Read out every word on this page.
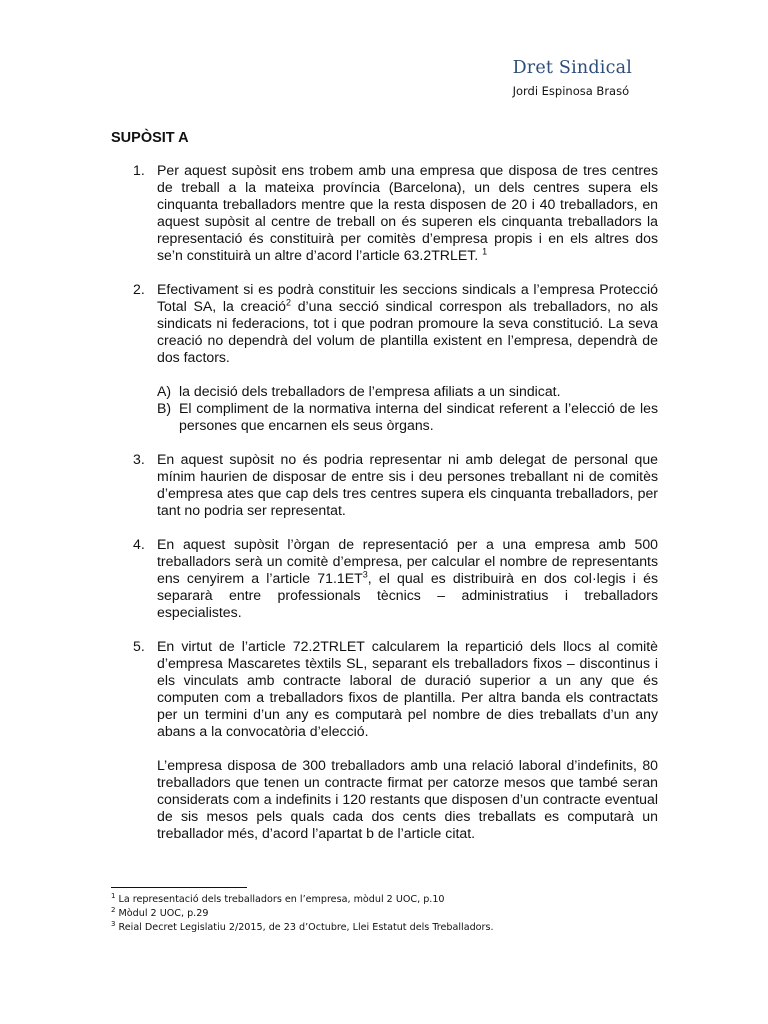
Dret Sindical
Jordi Espinosa Brasó
SUPÒSIT A
1. Per aquest supòsit ens trobem amb una empresa que disposa de tres centres de treball a la mateixa província (Barcelona), un dels centres supera els cinquanta treballadors mentre que la resta disposen de 20 i 40 treballadors, en aquest supòsit al centre de treball on és superen els cinquanta treballadors la representació és constituirà per comitès d’empresa propis i en els altres dos se’n constituirà un altre d’acord l’article 63.2TRLET. $^1$

2. Efectivament si es podrà constituir les seccions sindicals a l’empresa Protecció Total SA, la creació$^2$ d’una secció sindical correspon als treballadors, no als sindicats ni federacions, tot i que podran promoure la seva constitució. La seva creació no dependrà del volum de plantilla existent en l’empresa, dependrà de dos factors.

A) la decisió dels treballadors de l’empresa afiliats a un sindicat.
B) El compliment de la normativa interna del sindicat referent a l’elecció de les persones que encarnen els seus òrgans.
3. En aquest supòsit no és podria representar ni amb delegat de personal que mínim haurien de disposar de entre sis i deu persones treballant ni de comitès d’empresa ates que cap dels tres centres supera els cinquanta treballadors, per tant no podria ser representat.

4. En aquest supòsit l’òrgan de representació per a una empresa amb 500 treballadors serà un comitè d’empresa, per calcular el nombre de representants ens cenyirem a l’article $71.1ET^3$, el qual es distribuirà en dos col·legis i és separarà entre professionals tècnics – administratius i treballadors especialistes.

5. En virtut de l’article 72.2TRLET calcularem la repartició dels llocs al comitè d’empresa Mascaretes tèxtils SL, separant els treballadors fixos – discontinus i els vinculats amb contracte laboral de duració superior a un any que és computen com a treballadors fixos de plantilla. Per altra banda els contractats per un termini d’un any es computarà pel nombre de dies treballats d’un any abans a la convocatòria d’elecció.

L’empresa disposa de 300 treballadors amb una relació laboral d’indefinits, 80 treballadors que tenen un contracte firmat per catorze mesos que també seran considerats com a indefinits i 120 restants que disposen d’un contracte eventual de sis mesos pels quals cada dos cents dies treballats es computarà un treballador més, d’acord l’apartat b de l’article citat.

$^1$ La representació dels treballadors en l’empresa, mòdul 2 UOC, p.10
$^2$ Mòdul 2 UOC, p.29
$^3$ Reial Decret Legislatiu 2/2015, de 23 d’Octubre, Llei Estatut dels Treballadors.
